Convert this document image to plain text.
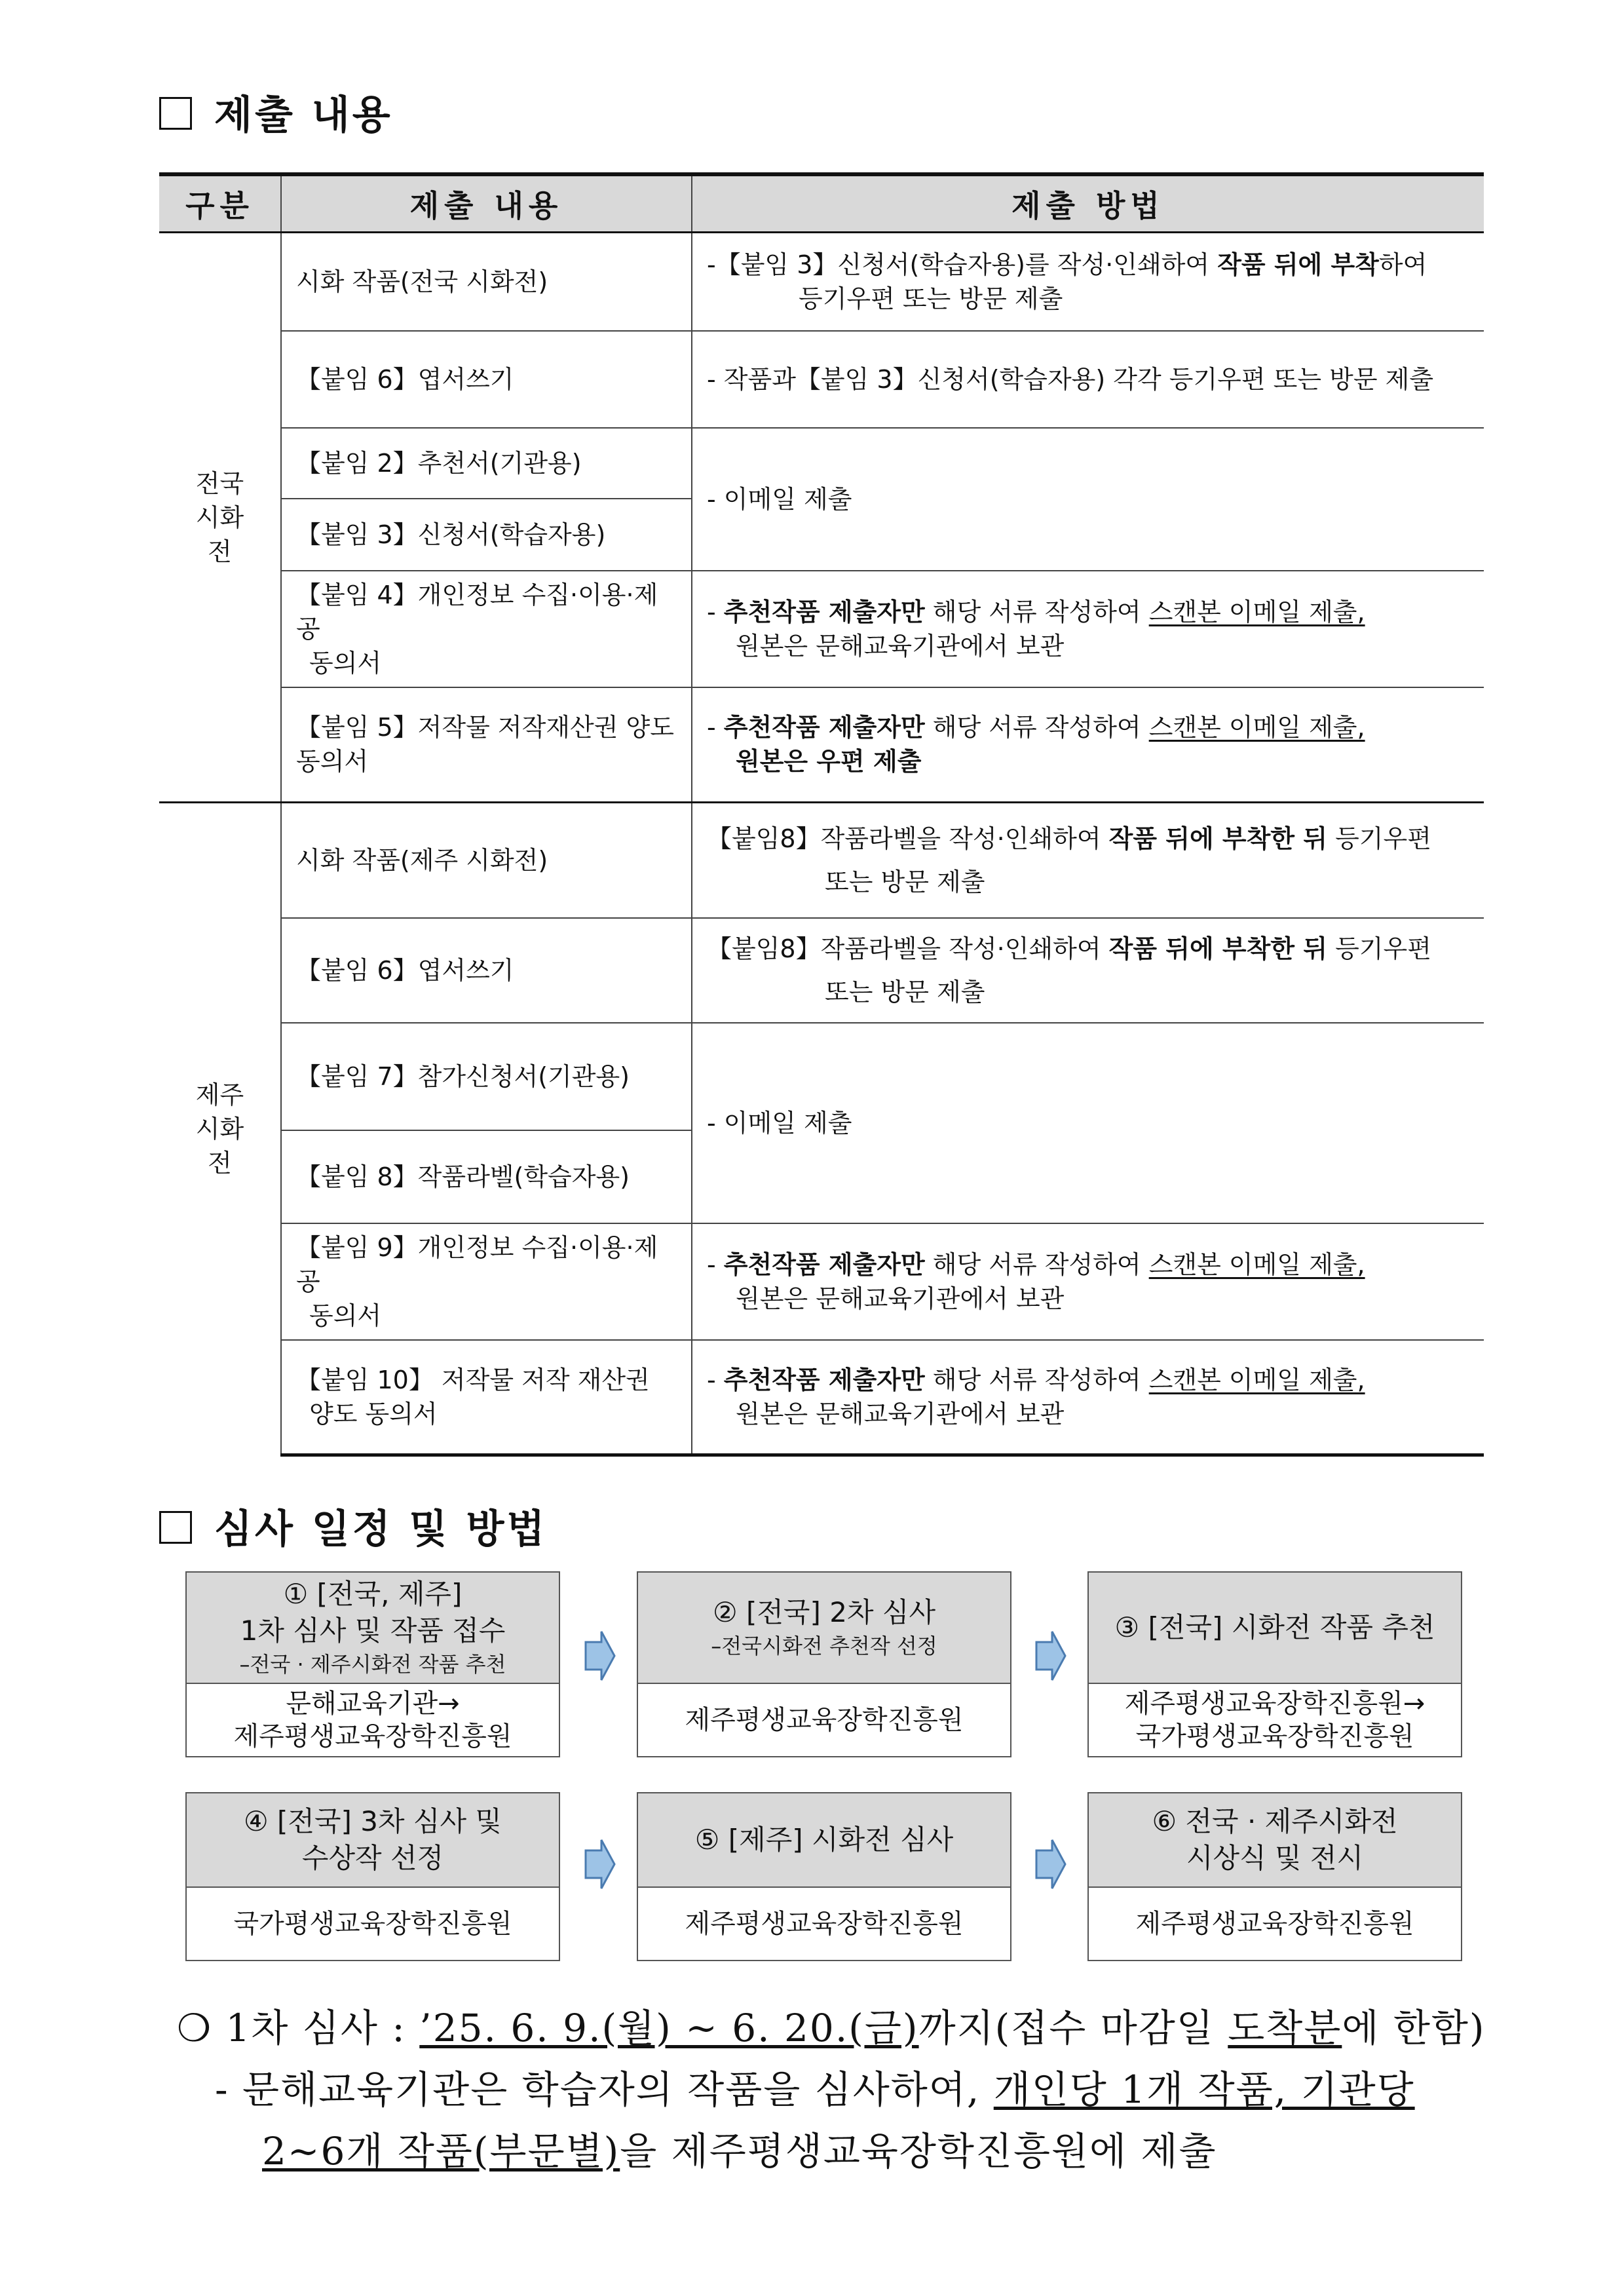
제출 내용
구분	제출 내용	제출 방법
전국 시화전	시화 작품(전국 시화전)	-【붙임 3】신청서(학습자용)를 작성·인쇄하여 작품 뒤에 부착하여
등기우편 또는 방문 제출

	【붙임 6】엽서쓰기	- 작품과【붙임 3】신청서(학습자용) 각각 등기우편 또는 방문 제출
	【붙임 2】추천서(기관용)	- 이메일 제출
	【붙임 3】신청서(학습자용)	
	【붙임 4】개인정보 수집·이용·제공
동의서	- 추천작품 제출자만 해당 서류 작성하여 스캔본 이메일 제출,
원본은 문해교육기관에서 보관

	【붙임 5】저작물 저작재산권 양도
동의서	- 추천작품 제출자만 해당 서류 작성하여 스캔본 이메일 제출,
원본은 우편 제출

제주 시화전	시화 작품(제주 시화전)	【붙임8】작품라벨을 작성·인쇄하여 작품 뒤에 부착한 뒤 등기우편
또는 방문 제출

	【붙임 6】엽서쓰기	【붙임8】작품라벨을 작성·인쇄하여 작품 뒤에 부착한 뒤 등기우편
또는 방문 제출

	【붙임 7】참가신청서(기관용)	- 이메일 제출
	【붙임 8】작품라벨(학습자용)	
	【붙임 9】개인정보 수집·이용·제공
동의서	- 추천작품 제출자만 해당 서류 작성하여 스캔본 이메일 제출,
원본은 문해교육기관에서 보관

	【붙임 10】 저작물 저작 재산권
양도 동의서	- 추천작품 제출자만 해당 서류 작성하여 스캔본 이메일 제출,
원본은 문해교육기관에서 보관
심사 일정 및 방법
① [전국, 제주]
1차 심사 및 작품 접수
–전국 · 제주시화전 작품 추천
문해교육기관→
제주평생교육장학진흥원
② [전국] 2차 심사
–전국시화전 추천작 선정
제주평생교육장학진흥원
③ [전국] 시화전 작품 추천
제주평생교육장학진흥원→
국가평생교육장학진흥원
④ [전국] 3차 심사 및
수상작 선정
국가평생교육장학진흥원
⑤ [제주] 시화전 심사
제주평생교육장학진흥원
⑥ 전국 · 제주시화전
시상식 및 전시
제주평생교육장학진흥원
❍ 1차 심사 : ’25. 6. 9.(월) ~ 6. 20.(금)까지(접수 마감일 도착분에 한함)
- 문해교육기관은 학습자의 작품을 심사하여, 개인당 1개 작품, 기관당
2~6개 작품(부문별)을 제주평생교육장학진흥원에 제출
